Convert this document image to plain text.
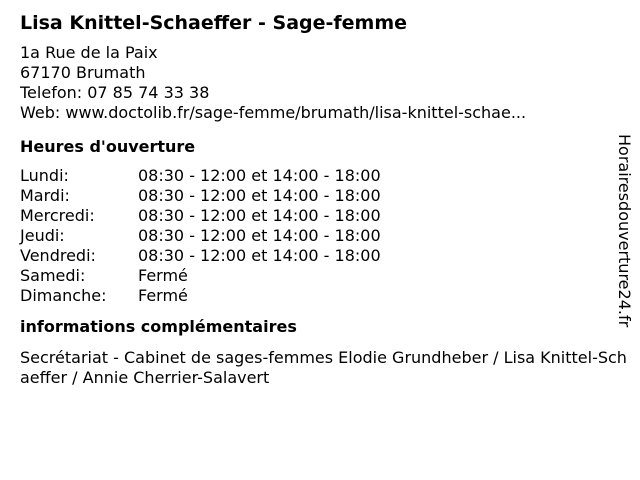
Lisa Knittel-Schaeffer - Sage-femme
1a Rue de la Paix
67170 Brumath
Telefon: 07 85 74 33 38
Web: www.doctolib.fr/sage-femme/brumath/lisa-knittel-schae...
Heures d'ouverture
Lundi:	08:30 - 12:00 et 14:00 - 18:00
Mardi:	08:30 - 12:00 et 14:00 - 18:00
Mercredi:	08:30 - 12:00 et 14:00 - 18:00
Jeudi:	08:30 - 12:00 et 14:00 - 18:00
Vendredi:	08:30 - 12:00 et 14:00 - 18:00
Samedi:	Fermé
Dimanche:	Fermé
informations complémentaires
Secrétariat - Cabinet de sages-femmes Elodie Grundheber / Lisa Knittel-Schaeffer / Annie Cherrier-Salavert
Horairesdouverture24.fr
